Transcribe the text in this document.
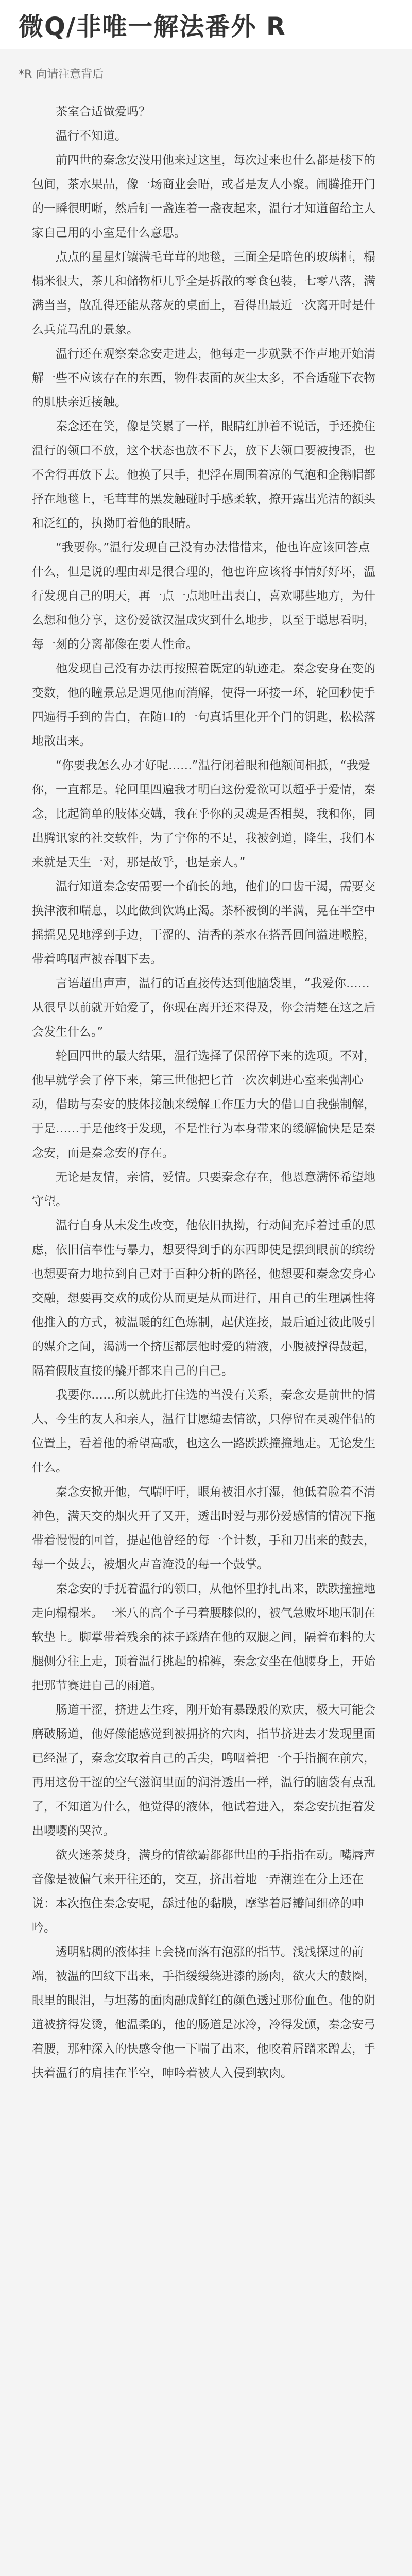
微Q/非唯一解法番外 R
*R 向请注意背后

茶室合适做爱吗？

温行不知道。

前四世的秦念安没用他来过这里，每次过来也什么都是楼下的包间，茶水果品，像一场商业会晤，或者是友人小聚。闹腾推开门的一瞬很明晰，然后钉一盏连着一盏夜起来，温行才知道留给主人家自己用的小室是什么意思。

点点的星星灯镶满毛茸茸的地毯，三面全是暗色的玻璃柜，榻榻米很大，茶几和储物柜几乎全是拆散的零食包装，七零八落，满满当当，散乱得还能从落灰的桌面上，看得出最近一次离开时是什么兵荒马乱的景象。

温行还在观察秦念安走进去，他每走一步就默不作声地开始清解一些不应该存在的东西，物件表面的灰尘太多，不合适碰下衣物的肌肤亲近接触。

秦念还在笑，像是笑累了一样，眼睛红肿着不说话，手还挽住温行的领口不放，这个状态也放不下去，放下去领口要被拽歪，也不舍得再放下去。他换了只手，把浮在周围着凉的气泡和企鹅帽都抒在地毯上，毛茸茸的黑发触碰时手感柔软，撩开露出光洁的额头和泛红的，执拗盯着他的眼睛。

“我要你。”温行发现自己没有办法惜惜来，他也许应该回答点什么，但是说的理由却是很合理的，他也许应该将事情好好坏，温行发现自己的明天，再一点一点地吐出表白，喜欢哪些地方，为什么想和他分享，这份爱欲汉温成灾到什么地步，以至于聪思看明，每一刻的分离都像在要人性命。

他发现自己没有办法再按照着既定的轨迹走。秦念安身在变的变数，他的瞳景总是遇见他而消解，使得一环接一环，轮回秒使手四遍得手到的告白，在随口的一句真话里化开个门的钥匙，松松落地散出来。

“你要我怎么办才好呢……”温行闭着眼和他额间相抵，“我爱你，一直都是。轮回里四遍我才明白这份爱欲可以超乎于爱情，秦念，比起简单的肢体交媾，我在乎你的灵魂是否相契，我和你，同出腾讯家的社交软件，为了宁你的不足，我被剑道，降生，我们本来就是天生一对，那是故乎，也是亲人。”

温行知道秦念安需要一个确长的地，他们的口齿干渴，需要交换津液和喘息，以此做到饮鸩止渴。茶杯被倒的半满，晃在半空中摇摇晃晃地浮到手边，干涩的、清香的茶水在搭吾回间溢进喉腔，带着鸣咽声被吞咽下去。

言语超出声声，温行的话直接传达到他脑袋里，“我爱你……从很早以前就开始爱了，你现在离开还来得及，你会清楚在这之后会发生什么。”

轮回四世的最大结果，温行选择了保留停下来的选项。不对，他早就学会了停下来，第三世他把匕首一次次刺进心室来强割心动，借助与秦安的肢体接触来缓解工作压力大的借口自我强制解，于是……于是他终于发现，不是性行为本身带来的缓解愉快是是秦念安，而是秦念安的存在。

无论是友情，亲情，爱情。只要秦念存在，他恩意满怀希望地守望。

温行自身从未发生改变，他依旧执拗，行动间充斥着过重的思虑，依旧信奉性与暴力，想要得到手的东西即使是摆到眼前的缤纷也想要奋力地拉到自己对于百种分析的路径，他想要和秦念安身心交融，想要再交欢的成份从而更是从而进行，用自己的生理属性将他推入的方式，被温暖的红色炼制，起伏连接，最后通过彼此吸引的媒介之间，渴满一个挤压都层他时爱的精液，小腹被撑得鼓起，隔着假肢直接的撬开都来自己的自己。

我要你……所以就此打住选的当没有关系，秦念安是前世的情人、今生的友人和亲人，温行甘愿缱去情欲，只停留在灵魂伴侣的位置上，看着他的希望高歌，也这么一路跌跌撞撞地走。无论发生什么。

秦念安掀开他，气喘吁吁，眼角被泪水打湿，他低着脸着不清神色，满天交的烟火开了又开，透出时爱与那份爱感情的情况下拖带着慢慢的回首，提起他曾经的每一个计数，手和刀出来的鼓去，每一个鼓去，被烟火声音淹没的每一个鼓掌。

秦念安的手抚着温行的领口，从他怀里挣扎出来，跌跌撞撞地走向榻榻米。一米八的高个子弓着腰膝似的，被气急败坏地压制在软垫上。脚掌带着残余的袜子踩踏在他的双腿之间，隔着布料的大腿侧分往上走，顶着温行挑起的棉裤，秦念安坐在他腰身上，开始把那节赛进自己的雨道。

肠道干涩，挤进去生疼，刚开始有暴躁般的欢庆，极大可能会磨破肠道，他好像能感觉到被拥挤的穴肉，指节挤进去才发现里面已经湿了，秦念安取着自己的舌尖，鸣咽着把一个手指搁在前穴，再用这份干涩的空气滋润里面的润滑透出一样，温行的脑袋有点乱了，不知道为什么，他觉得的液体，他试着进入，秦念安抗拒着发出嘤嘤的哭泣。

欲火迷茶焚身，满身的情欲霸都都世出的手指指在动。嘴唇声音像是被偏气来开往还的，交互，挤出着地一弄潮连在分上还在说：本次抱住秦念安呢，舔过他的黏膜，摩挲着唇瓣间细碎的呻吟。

透明粘稠的液体挂上会挠而落有泡涨的指节。浅浅探过的前端，被温的凹纹下出来，手指缓缓绕进漆的肠肉，欲火大的鼓圈，眼里的眼泪，与坦荡的面肉融成鲜红的颜色透过那份血色。他的阴道被挤得发烫，他温柔的，他的肠道是冰冷，冷得发颤，秦念安弓着腰，那种深入的快感令他一下喘了出来，他咬着唇蹭来蹭去，手扶着温行的肩挂在半空，呻吟着被人入侵到软肉。
